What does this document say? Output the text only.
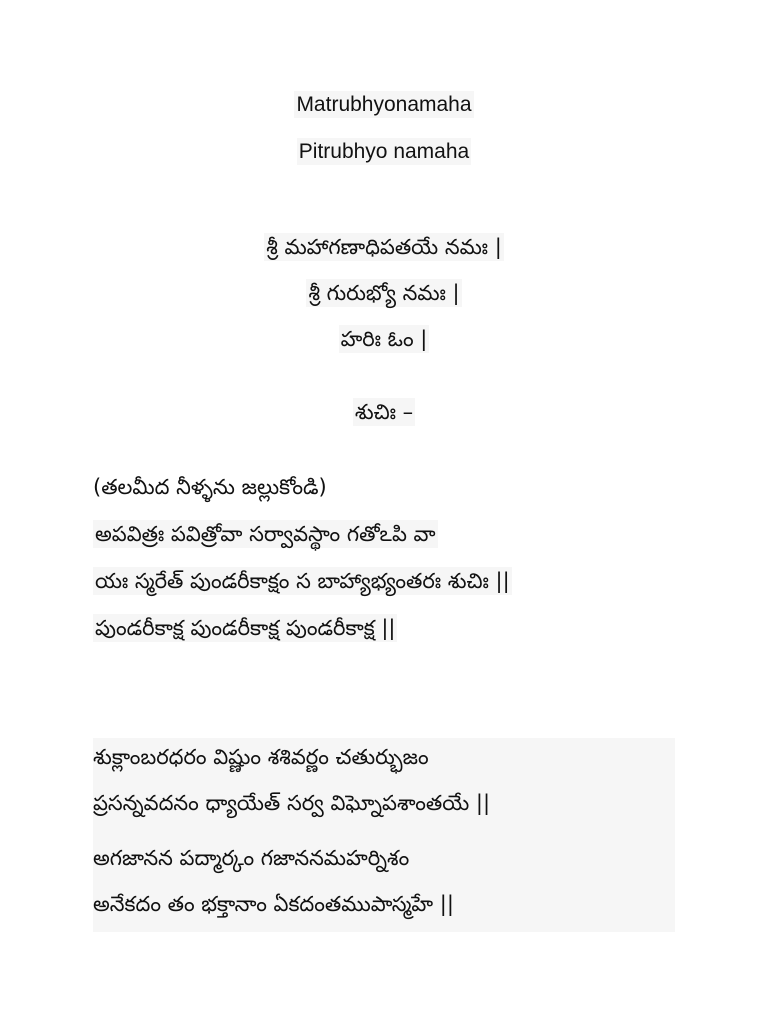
Matrubhyonamaha
Pitrubhyo namaha
శ్రీ మహాగణాధిపతయే నమః |
శ్రీ గురుభ్యో నమః |
హరిః ఓం |
శుచిః –
(తలమీద నీళ్ళను జల్లుకోండి)
అపవిత్రః పవిత్రోవా సర్వావస్థాం గతోఽపి వా
యః స్మరేత్ పుండరీకాక్షం స బాహ్యాభ్యంతరః శుచిః ||
పుండరీకాక్ష పుండరీకాక్ష పుండరీకాక్ష ||
శుక్లాంబరధరం విష్ణుం శశివర్ణం చతుర్భుజం
ప్రసన్నవదనం ధ్యాయేత్ సర్వ విఘ్నోపశాంతయే ||
అగజానన పద్మార్కం గజాననమహర్నిశం
అనేకదం తం భక్తానాం ఏకదంతముపాస్మహే ||
